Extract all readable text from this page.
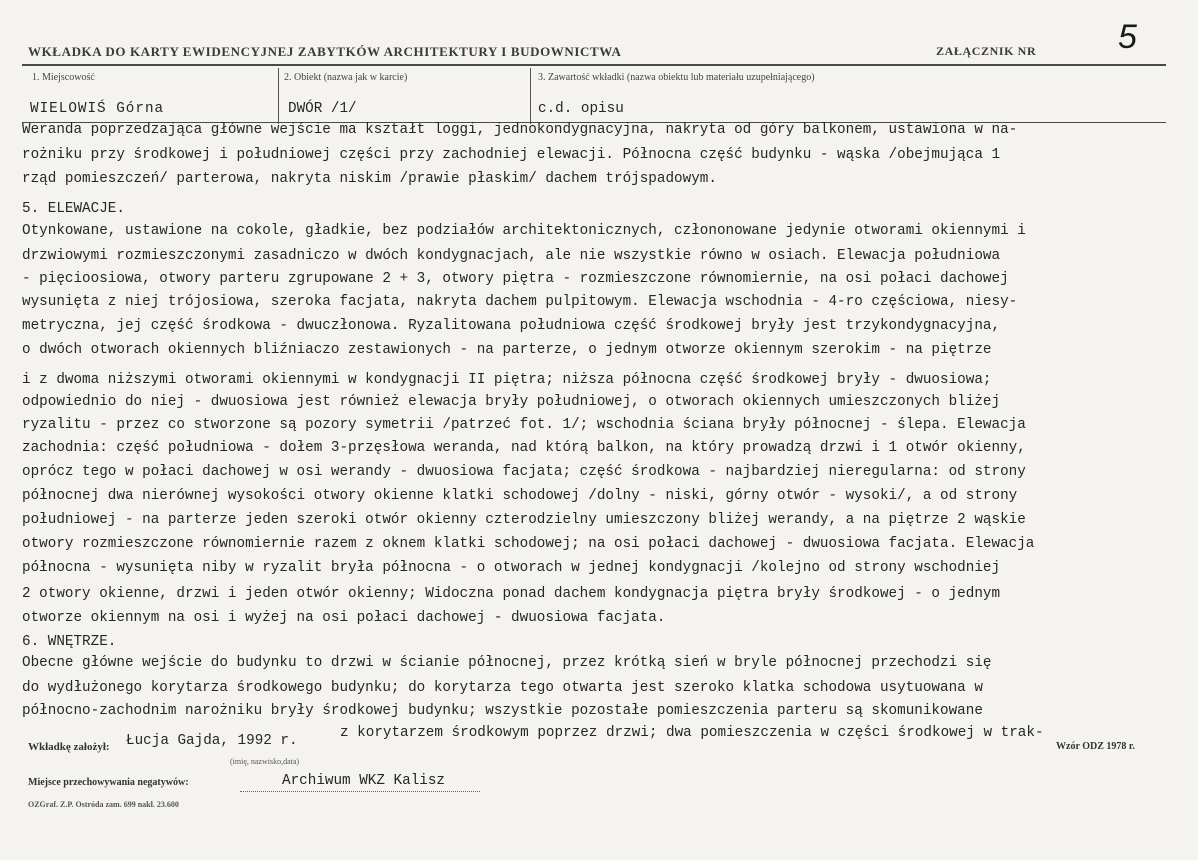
5
WKŁADKA DO KARTY EWIDENCYJNEJ ZABYTKÓW ARCHITEKTURY I BUDOWNICTWA	ZAŁĄCZNIK NR
1. Miejscowość	2. Obiekt (nazwa jak w karcie)	3. Zawartość wkładki (nazwa obiektu lub materiału uzupełniającego)
WIELOWIŚ Górna	DWÓR /1/	c.d. opisu
Weranda poprzedzająca główne wejście ma kształt loggi, jednokondygnacyjna, nakryta od góry balkonem, ustawiona w na-
rożniku przy środkowej i południowej części przy zachodniej elewacji. Północna część budynku - wąska /obejmująca 1
rząd pomieszczeń/ parterowa, nakryta niskim /prawie płaskim/ dachem trójspadowym.
5. ELEWACJE.
Otynkowane, ustawione na cokole, gładkie, bez podziałów architektonicznych, człononowane jedynie otworami okiennymi i
drzwiowymi rozmieszczonymi zasadniczo w dwóch kondygnacjach, ale nie wszystkie równo w osiach. Elewacja południowa
- pięcioosiowa, otwory parteru zgrupowane 2 + 3, otwory piętra - rozmieszczone równomiernie, na osi połaci dachowej
wysunięta z niej trójosiowa, szeroka facjata, nakryta dachem pulpitowym. Elewacja wschodnia - 4-ro częściowa, niesy-
metryczna, jej część środkowa - dwuczłonowa. Ryzalitowana południowa część środkowej bryły jest trzykondygnacyjna,
o dwóch otworach okiennych bliźniaczo zestawionych - na parterze, o jednym otworze okiennym szerokim - na piętrze
i z dwoma niższymi otworami okiennymi w kondygnacji II piętra; niższa północna część środkowej bryły - dwuosiowa;
odpowiednio do niej - dwuosiowa jest również elewacja bryły południowej, o otworach okiennych umieszczonych bliżej
ryzalitu - przez co stworzone są pozory symetrii /patrzeć fot. 1/; wschodnia ściana bryły północnej - ślepa. Elewacja
zachodnia: część południowa - dołem 3-przęsłowa weranda, nad którą balkon, na który prowadzą drzwi i 1 otwór okienny,
oprócz tego w połaci dachowej w osi werandy - dwuosiowa facjata; część środkowa - najbardziej nieregularna: od strony
północnej dwa nierównej wysokości otwory okienne klatki schodowej /dolny - niski, górny otwór - wysoki/, a od strony
południowej - na parterze jeden szeroki otwór okienny czterodzielny umieszczony bliżej werandy, a na piętrze 2 wąskie
otwory rozmieszczone równomiernie razem z oknem klatki schodowej; na osi połaci dachowej - dwuosiowa facjata. Elewacja
północna - wysunięta niby w ryzalit bryła północna - o otworach w jednej kondygnacji /kolejno od strony wschodniej
2 otwory okienne, drzwi i jeden otwór okienny; Widoczna ponad dachem kondygnacja piętra bryły środkowej - o jednym
otworze okiennym na osi i wyżej na osi połaci dachowej - dwuosiowa facjata.
6. WNĘTRZE.
Obecne główne wejście do budynku to drzwi w ścianie północnej, przez krótką sień w bryle północnej przechodzi się
do wydłużonego korytarza środkowego budynku; do korytarza tego otwarta jest szeroko klatka schodowa usytuowana w
północno-zachodnim narożniku bryły środkowej budynku; wszystkie pozostałe pomieszczenia parteru są skomunikowane
z korytarzem środkowym poprzez drzwi; dwa pomieszczenia w części środkowej w trak-
Wkładkę założył: Łucja Gajda, 1992 r.
(imię, nazwisko,data)
Wzór ODZ 1978 r.
Miejsce przechowywania negatywów:	Archiwum WKZ Kalisz
OZGraf. Z.P. Ostróda zam. 699 nakł. 23.600
